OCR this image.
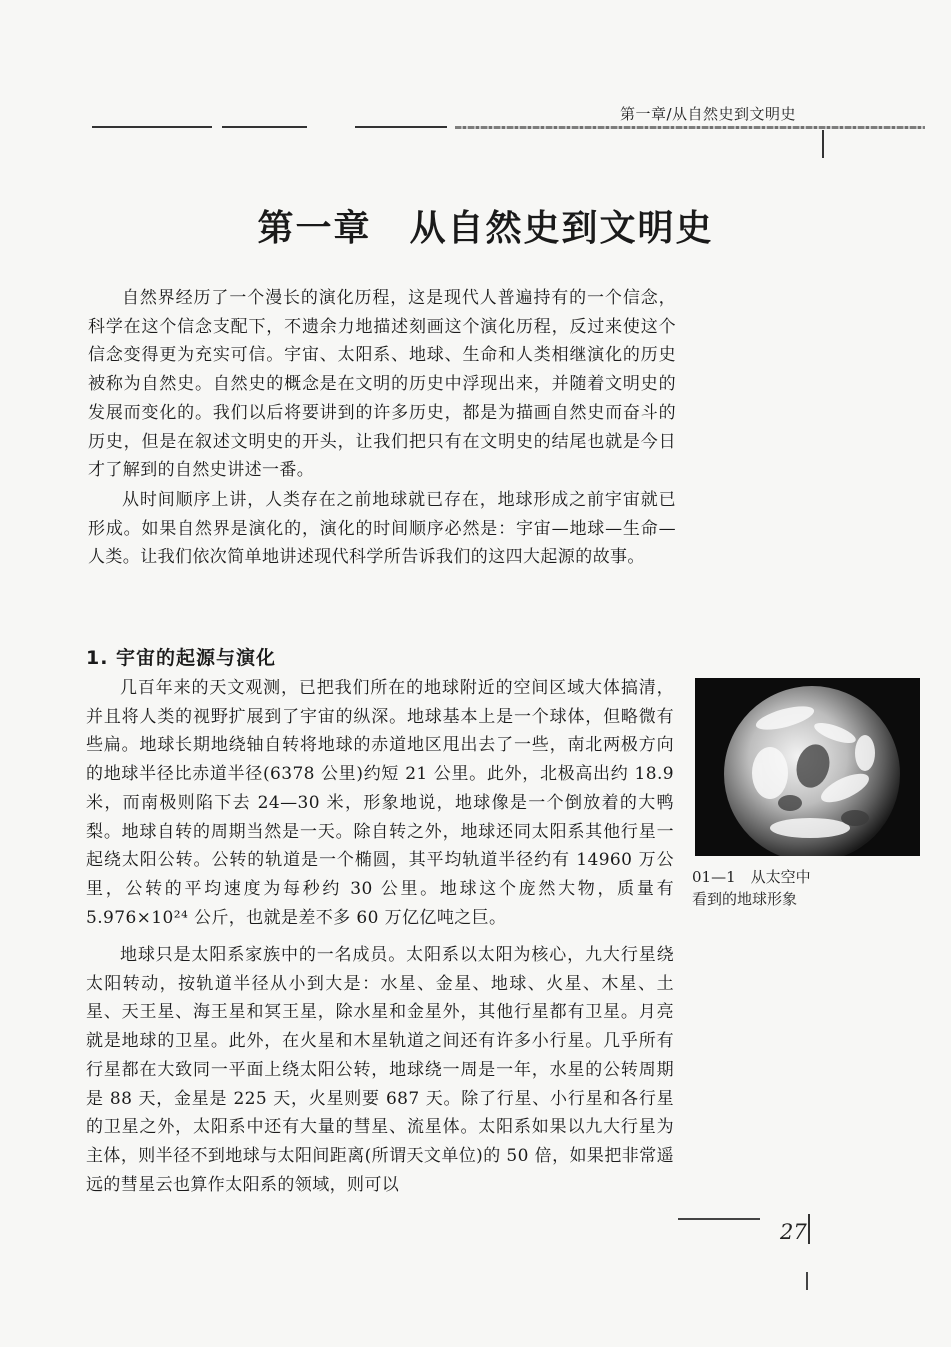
第一章/从自然史到文明史
第一章　从自然史到文明史

自然界经历了一个漫长的演化历程，这是现代人普遍持有的一个信念，科学在这个信念支配下，不遗余力地描述刻画这个演化历程，反过来使这个信念变得更为充实可信。宇宙、太阳系、地球、生命和人类相继演化的历史被称为自然史。自然史的概念是在文明的历史中浮现出来，并随着文明史的发展而变化的。我们以后将要讲到的许多历史，都是为描画自然史而奋斗的历史，但是在叙述文明史的开头，让我们把只有在文明史的结尾也就是今日才了解到的自然史讲述一番。

从时间顺序上讲，人类存在之前地球就已存在，地球形成之前宇宙就已形成。如果自然界是演化的，演化的时间顺序必然是：宇宙—地球—生命—人类。让我们依次简单地讲述现代科学所告诉我们的这四大起源的故事。

1. 宇宙的起源与演化

几百年来的天文观测，已把我们所在的地球附近的空间区域大体搞清，并且将人类的视野扩展到了宇宙的纵深。地球基本上是一个球体，但略微有些扁。地球长期地绕轴自转将地球的赤道地区甩出去了一些，南北两极方向的地球半径比赤道半径(6378 公里)约短 21 公里。此外，北极高出约 18.9 米，而南极则陷下去 24—30 米，形象地说，地球像是一个倒放着的大鸭梨。地球自转的周期当然是一天。除自转之外，地球还同太阳系其他行星一起绕太阳公转。公转的轨道是一个椭圆，其平均轨道半径约有 14960 万公里，公转的平均速度为每秒约 30 公里。地球这个庞然大物，质量有 5.976×10²⁴ 公斤，也就是差不多 60 万亿亿吨之巨。

地球只是太阳系家族中的一名成员。太阳系以太阳为核心，九大行星绕太阳转动，按轨道半径从小到大是：水星、金星、地球、火星、木星、土星、天王星、海王星和冥王星，除水星和金星外，其他行星都有卫星。月亮就是地球的卫星。此外，在火星和木星轨道之间还有许多小行星。几乎所有行星都在大致同一平面上绕太阳公转，地球绕一周是一年，水星的公转周期是 88 天，金星是 225 天，火星则要 687 天。除了行星、小行星和各行星的卫星之外，太阳系中还有大量的彗星、流星体。太阳系如果以九大行星为主体，则半径不到地球与太阳间距离(所谓天文单位)的 50 倍，如果把非常遥远的彗星云也算作太阳系的领域，则可以

01—1　从太空中看到的地球形象
27
